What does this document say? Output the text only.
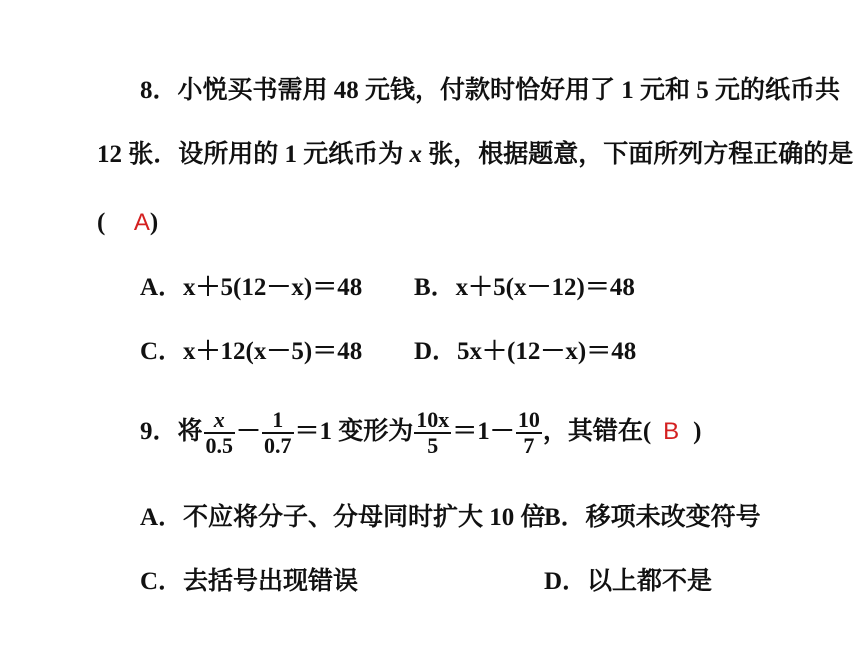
8．小悦买书需用 48 元钱，付款时恰好用了 1 元和 5 元的纸币共
12 张．设所用的 1 元纸币为 x 张，根据题意，下面所列方程正确的是
( A)
A．x＋5(12－x)＝48 B．x＋5(x－12)＝48
C．x＋12(x－5)＝48 D．5x＋(12－x)＝48
9．将 $\frac{x}{0.5} - \frac{1}{0.7} =1$ 变形为 $\frac{10x}{5} =1- \frac{10}{7}$ ，其错在( B )
A．不应将分子、分母同时扩大 10 倍
B．移项未改变符号
C．去括号出现错误	D．以上都不是
